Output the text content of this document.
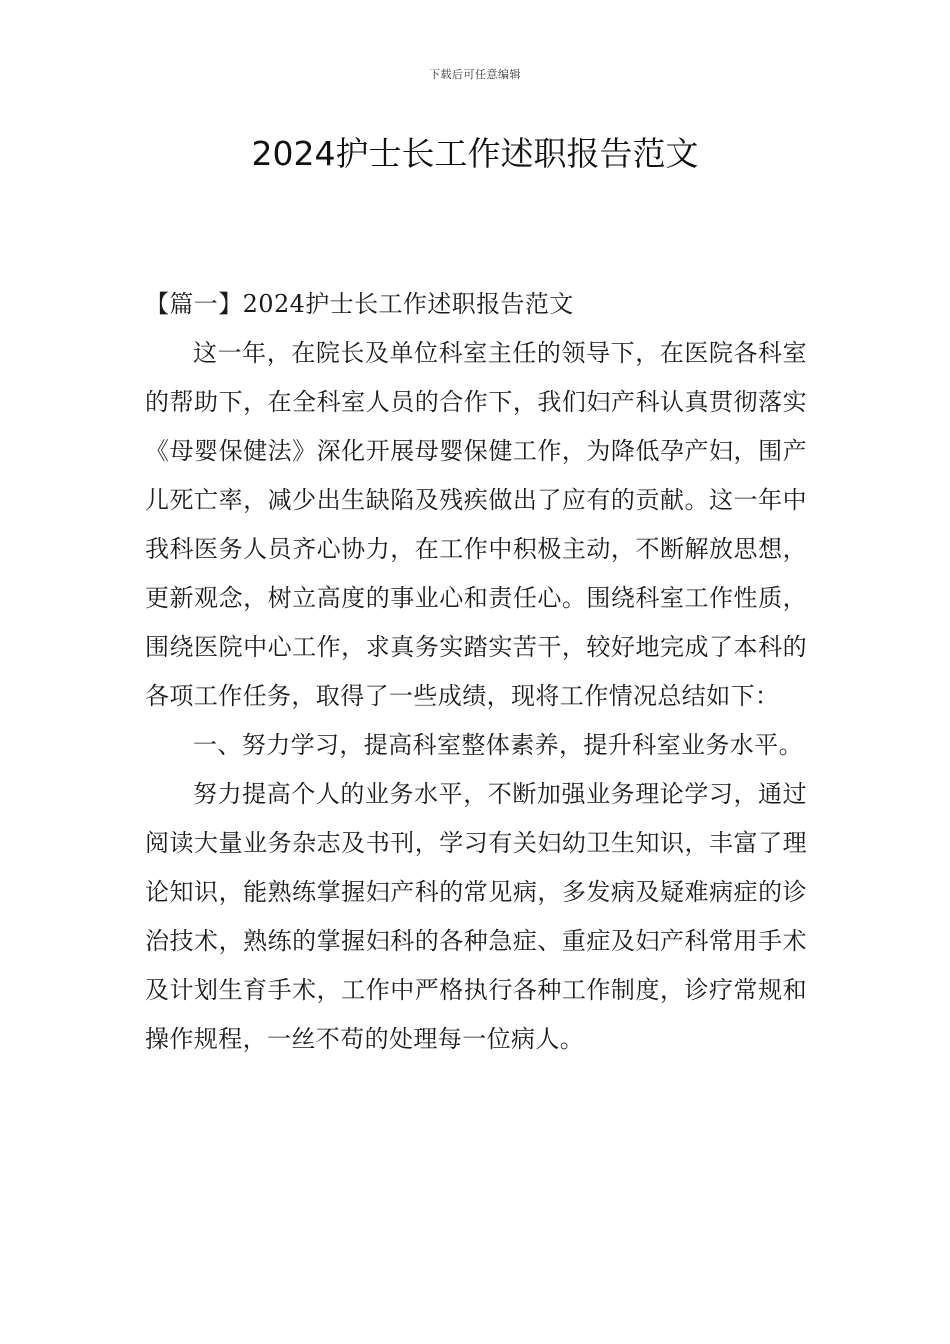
下载后可任意编辑
2024护士长工作述职报告范文

【篇一】2024护士长工作述职报告范文

这一年，在院长及单位科室主任的领导下，在医院各科室的帮助下，在全科室人员的合作下，我们妇产科认真贯彻落实《母婴保健法》深化开展母婴保健工作，为降低孕产妇，围产儿死亡率，减少出生缺陷及残疾做出了应有的贡献。这一年中我科医务人员齐心协力，在工作中积极主动，不断解放思想，更新观念，树立高度的事业心和责任心。围绕科室工作性质，围绕医院中心工作，求真务实踏实苦干，较好地完成了本科的各项工作任务，取得了一些成绩，现将工作情况总结如下：

一、努力学习，提高科室整体素养，提升科室业务水平。

努力提高个人的业务水平，不断加强业务理论学习，通过阅读大量业务杂志及书刊，学习有关妇幼卫生知识，丰富了理论知识，能熟练掌握妇产科的常见病，多发病及疑难病症的诊治技术，熟练的掌握妇科的各种急症、重症及妇产科常用手术及计划生育手术，工作中严格执行各种工作制度，诊疗常规和操作规程，一丝不苟的处理每一位病人。
